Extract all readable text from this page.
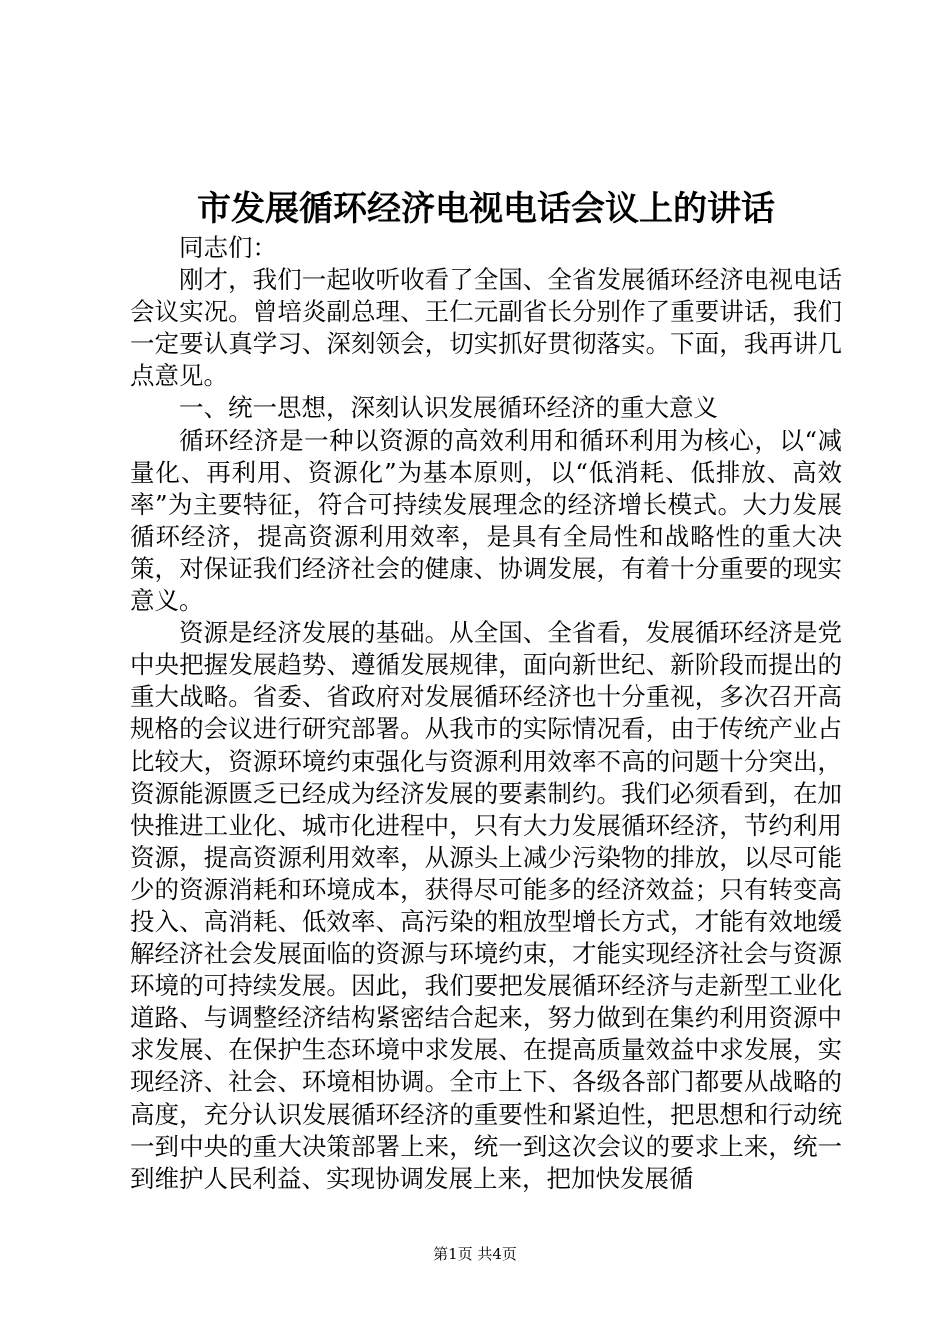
市发展循环经济电视电话会议上的讲话

同志们：

刚才，我们一起收听收看了全国、全省发展循环经济电视电话会议实况。曾培炎副总理、王仁元副省长分别作了重要讲话，我们一定要认真学习、深刻领会，切实抓好贯彻落实。下面，我再讲几点意见。

一、统一思想，深刻认识发展循环经济的重大意义

循环经济是一种以资源的高效利用和循环利用为核心，以“减量化、再利用、资源化”为基本原则，以“低消耗、低排放、高效率”为主要特征，符合可持续发展理念的经济增长模式。大力发展循环经济，提高资源利用效率，是具有全局性和战略性的重大决策，对保证我们经济社会的健康、协调发展，有着十分重要的现实意义。

资源是经济发展的基础。从全国、全省看，发展循环经济是党中央把握发展趋势、遵循发展规律，面向新世纪、新阶段而提出的重大战略。省委、省政府对发展循环经济也十分重视，多次召开高规格的会议进行研究部署。从我市的实际情况看，由于传统产业占比较大，资源环境约束强化与资源利用效率不高的问题十分突出，资源能源匮乏已经成为经济发展的要素制约。我们必须看到，在加快推进工业化、城市化进程中，只有大力发展循环经济，节约利用资源，提高资源利用效率，从源头上减少污染物的排放，以尽可能少的资源消耗和环境成本，获得尽可能多的经济效益；只有转变高投入、高消耗、低效率、高污染的粗放型增长方式，才能有效地缓解经济社会发展面临的资源与环境约束，才能实现经济社会与资源环境的可持续发展。因此，我们要把发展循环经济与走新型工业化道路、与调整经济结构紧密结合起来，努力做到在集约利用资源中求发展、在保护生态环境中求发展、在提高质量效益中求发展，实现经济、社会、环境相协调。全市上下、各级各部门都要从战略的高度，充分认识发展循环经济的重要性和紧迫性，把思想和行动统一到中央的重大决策部署上来，统一到这次会议的要求上来，统一到维护人民利益、实现协调发展上来，把加快发展循

第1页 共4页
